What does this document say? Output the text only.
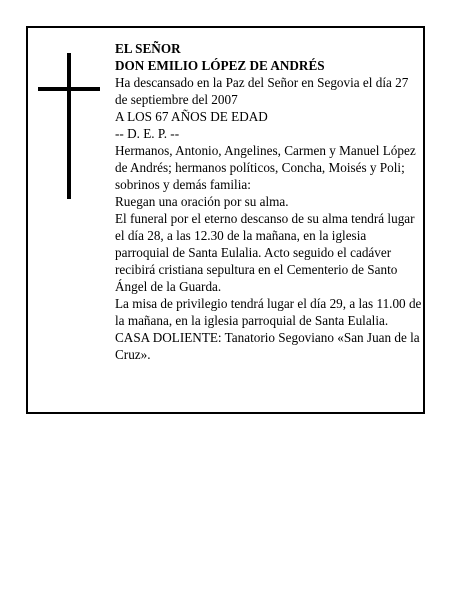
EL SEÑOR

DON EMILIO LÓPEZ DE ANDRÉS

Ha descansado en la Paz del Señor en Segovia el día 27 de septiembre del 2007

A LOS 67 AÑOS DE EDAD

-- D. E. P. --

Hermanos, Antonio, Angelines, Carmen y Manuel López de Andrés; hermanos políticos, Concha, Moisés y Poli; sobrinos y demás familia:

Ruegan una oración por su alma.

El funeral por el eterno descanso de su alma tendrá lugar el día 28, a las 12.30 de la mañana, en la iglesia parroquial de Santa Eulalia. Acto seguido el cadáver recibirá cristiana sepultura en el Cementerio de Santo Ángel de la Guarda.

La misa de privilegio tendrá lugar el día 29, a las 11.00 de la mañana, en la iglesia parroquial de Santa Eulalia.

CASA DOLIENTE: Tanatorio Segoviano «San Juan de la Cruz».
